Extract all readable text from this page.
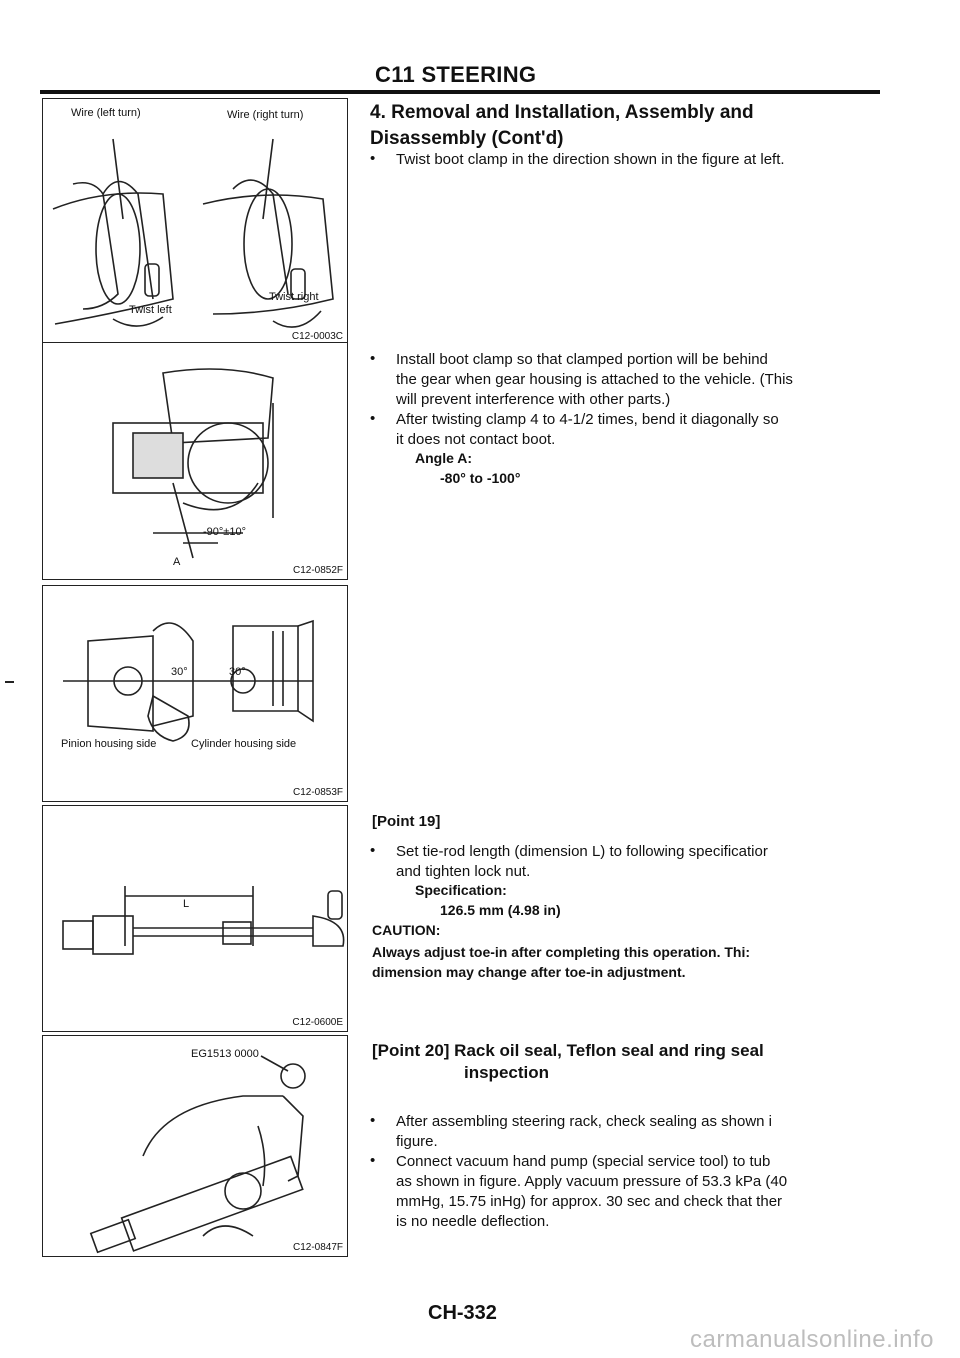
C11 STEERING
4. Removal and Installation, Assembly and
Disassembly (Cont'd)
Wire (left turn)	Wire (right turn)
Twist left
Twist right
C12-0003C
-90°±10°
A
C12-0852F
30°	30°
Pinion housing side	Cylinder housing side
C12-0853F
L
C12-0600E
EG1513 0000
C12-0847F
• Twist boot clamp in the direction shown in the figure at left.
• Install boot clamp so that clamped portion will be behind
the gear when gear housing is attached to the vehicle. (This
will prevent interference with other parts.)
• After twisting clamp 4 to 4-1/2 times, bend it diagonally so
it does not contact boot.
Angle A:
-80° to -100°
[Point 19]
• Set tie-rod length (dimension L) to following specificatior
and tighten lock nut.
Specification:
126.5 mm (4.98 in)
CAUTION:
Always adjust toe-in after completing this operation. Thi:
dimension may change after toe-in adjustment.
[Point 20] Rack oil seal, Teflon seal and ring seal
inspection
• After assembling steering rack, check sealing as shown i
figure.
• Connect vacuum hand pump (special service tool) to tub
as shown in figure. Apply vacuum pressure of 53.3 kPa (40
mmHg, 15.75 inHg) for approx. 30 sec and check that ther
is no needle deflection.
CH-332
carmanualsonline.info
